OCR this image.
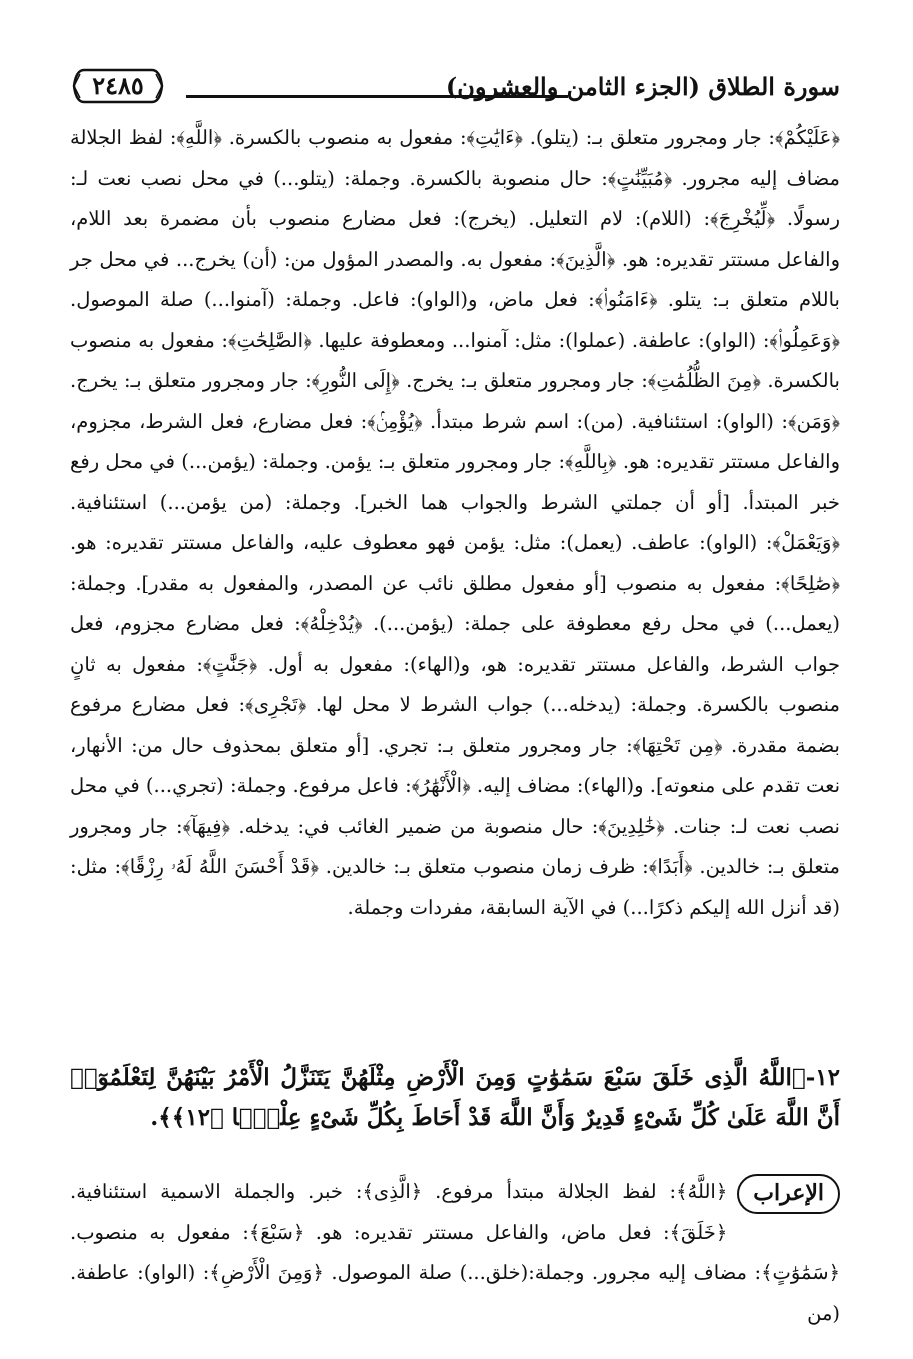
٢٤٨٥	سورة الطلاق (الجزء الثامن والعشرون)

﴿عَلَيْكُمْ﴾: جار ومجرور متعلق بـ: (يتلو). ﴿ءَايَٰتِ﴾: مفعول به منصوب بالكسرة. ﴿اللَّهِ﴾: لفظ الجلالة مضاف إليه مجرور. ﴿مُبَيِّنَٰتٍ﴾: حال منصوبة بالكسرة. وجملة: (يتلو...) في محل نصب نعت لـ: رسولًا. ﴿لِّيُخْرِجَ﴾: (اللام): لام التعليل. (يخرج): فعل مضارع منصوب بأن مضمرة بعد اللام، والفاعل مستتر تقديره: هو. ﴿الَّذِينَ﴾: مفعول به. والمصدر المؤول من: (أن) يخرج... في محل جر باللام متعلق بـ: يتلو. ﴿ءَامَنُوا۟﴾: فعل ماض، و(الواو): فاعل. وجملة: (آمنوا...) صلة الموصول. ﴿وَعَمِلُوا۟﴾: (الواو): عاطفة. (عملوا): مثل: آمنوا... ومعطوفة عليها. ﴿الصَّٰلِحَٰتِ﴾: مفعول به منصوب بالكسرة. ﴿مِنَ الظُّلُمَٰتِ﴾: جار ومجرور متعلق بـ: يخرج. ﴿إِلَى النُّورِ﴾: جار ومجرور متعلق بـ: يخرج. ﴿وَمَن﴾: (الواو): استئنافية. (من): اسم شرط مبتدأ. ﴿يُؤْمِنۢ﴾: فعل مضارع، فعل الشرط، مجزوم، والفاعل مستتر تقديره: هو. ﴿بِاللَّهِ﴾: جار ومجرور متعلق بـ: يؤمن. وجملة: (يؤمن...) في محل رفع خبر المبتدأ. [أو أن جملتي الشرط والجواب هما الخبر]. وجملة: (من يؤمن...) استئنافية. ﴿وَيَعْمَلْ﴾: (الواو): عاطف. (يعمل): مثل: يؤمن فهو معطوف عليه، والفاعل مستتر تقديره: هو. ﴿صَٰلِحًا﴾: مفعول به منصوب [أو مفعول مطلق نائب عن المصدر، والمفعول به مقدر]. وجملة: (يعمل...) في محل رفع معطوفة على جملة: (يؤمن...). ﴿يُدْخِلْهُ﴾: فعل مضارع مجزوم، فعل جواب الشرط، والفاعل مستتر تقديره: هو، و(الهاء): مفعول به أول. ﴿جَنَّٰتٍ﴾: مفعول به ثانٍ منصوب بالكسرة. وجملة: (يدخله...) جواب الشرط لا محل لها. ﴿تَجْرِى﴾: فعل مضارع مرفوع بضمة مقدرة. ﴿مِن تَحْتِهَا﴾: جار ومجرور متعلق بـ: تجري. [أو متعلق بمحذوف حال من: الأنهار، نعت تقدم على منعوته]. و(الهاء): مضاف إليه. ﴿الْأَنْهَٰرُ﴾: فاعل مرفوع. وجملة: (تجري...) في محل نصب نعت لـ: جنات. ﴿خَٰلِدِينَ﴾: حال منصوبة من ضمير الغائب في: يدخله. ﴿فِيهَآ﴾: جار ومجرور متعلق بـ: خالدين. ﴿أَبَدًا﴾: ظرف زمان منصوب متعلق بـ: خالدين. ﴿قَدْ أَحْسَنَ اللَّهُ لَهُۥ رِزْقًا﴾: مثل: (قد أنزل الله إليكم ذكرًا...) في الآية السابقة، مفردات وجملة.

١٢-﴿اللَّهُ الَّذِى خَلَقَ سَبْعَ سَمَٰوَٰتٍ وَمِنَ الْأَرْضِ مِثْلَهُنَّ يَتَنَزَّلُ الْأَمْرُ بَيْنَهُنَّ لِتَعْلَمُوٓا۟ أَنَّ اللَّهَ عَلَىٰ كُلِّ شَىْءٍ قَدِيرٌ وَأَنَّ اللَّهَ قَدْ أَحَاطَ بِكُلِّ شَىْءٍ عِلْمًۢا ﴿١٢﴾﴾.
الإعراب

﴿اللَّهُ﴾: لفظ الجلالة مبتدأ مرفوع. ﴿الَّذِى﴾: خبر. والجملة الاسمية استئنافية. ﴿خَلَقَ﴾: فعل ماض، والفاعل مستتر تقديره: هو. ﴿سَبْعَ﴾: مفعول به منصوب. ﴿سَمَٰوَٰتٍ﴾: مضاف إليه مجرور. وجملة:(خلق...) صلة الموصول. ﴿وَمِنَ الْأَرْضِ﴾: (الواو): عاطفة. (من
